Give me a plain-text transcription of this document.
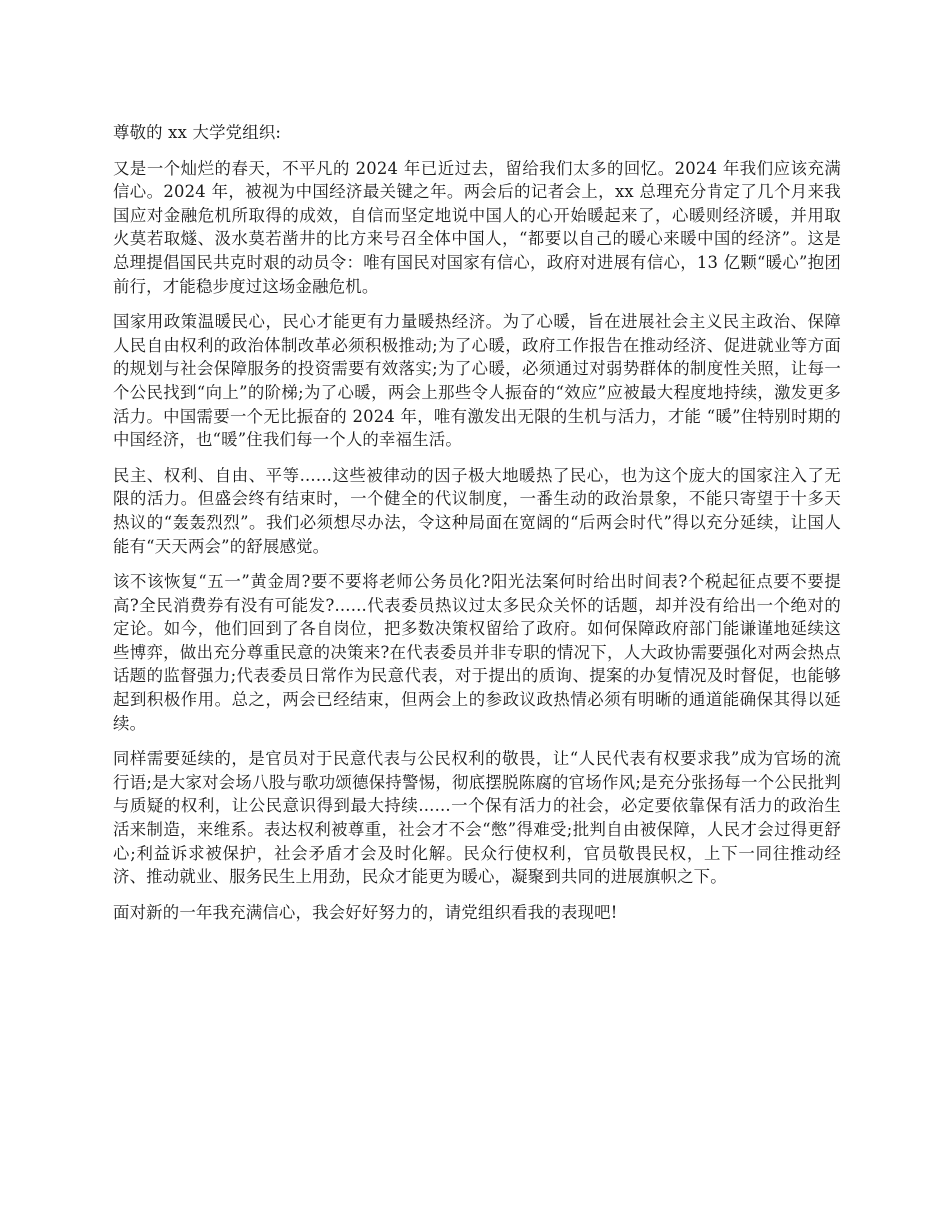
尊敬的 xx 大学党组织:

又是一个灿烂的春天，不平凡的 2024 年已近过去，留给我们太多的回忆。2024 年我们应该充满信心。2024 年，被视为中国经济最关键之年。两会后的记者会上，xx 总理充分肯定了几个月来我国应对金融危机所取得的成效，自信而坚定地说中国人的心开始暖起来了，心暖则经济暖，并用取火莫若取燧、汲水莫若凿井的比方来号召全体中国人，“都要以自己的暖心来暖中国的经济”。这是总理提倡国民共克时艰的动员令：唯有国民对国家有信心，政府对进展有信心，13 亿颗“暖心”抱团前行，才能稳步度过这场金融危机。

国家用政策温暖民心，民心才能更有力量暖热经济。为了心暖，旨在进展社会主义民主政治、保障人民自由权利的政治体制改革必须积极推动;为了心暖，政府工作报告在推动经济、促进就业等方面的规划与社会保障服务的投资需要有效落实;为了心暖，必须通过对弱势群体的制度性关照，让每一个公民找到“向上”的阶梯;为了心暖，两会上那些令人振奋的“效应”应被最大程度地持续，激发更多活力。中国需要一个无比振奋的 2024 年，唯有激发出无限的生机与活力，才能 “暖”住特别时期的中国经济，也“暖”住我们每一个人的幸福生活。

民主、权利、自由、平等......这些被律动的因子极大地暖热了民心，也为这个庞大的国家注入了无限的活力。但盛会终有结束时，一个健全的代议制度，一番生动的政治景象，不能只寄望于十多天热议的“轰轰烈烈”。我们必须想尽办法，令这种局面在宽阔的“后两会时代”得以充分延续，让国人能有“天天两会”的舒展感觉。

该不该恢复“五一”黄金周?要不要将老师公务员化?阳光法案何时给出时间表?个税起征点要不要提高?全民消费券有没有可能发?......代表委员热议过太多民众关怀的话题，却并没有给出一个绝对的定论。如今，他们回到了各自岗位，把多数决策权留给了政府。如何保障政府部门能谦谨地延续这些博弈，做出充分尊重民意的决策来?在代表委员并非专职的情况下，人大政协需要强化对两会热点话题的监督强力;代表委员日常作为民意代表，对于提出的质询、提案的办复情况及时督促，也能够起到积极作用。总之，两会已经结束，但两会上的参政议政热情必须有明晰的通道能确保其得以延续。

同样需要延续的，是官员对于民意代表与公民权利的敬畏，让“人民代表有权要求我”成为官场的流行语;是大家对会场八股与歌功颂德保持警惕，彻底摆脱陈腐的官场作风;是充分张扬每一个公民批判与质疑的权利，让公民意识得到最大持续......一个保有活力的社会，必定要依靠保有活力的政治生活来制造，来维系。表达权利被尊重，社会才不会“憋”得难受;批判自由被保障，人民才会过得更舒心;利益诉求被保护，社会矛盾才会及时化解。民众行使权利，官员敬畏民权，上下一同往推动经济、推动就业、服务民生上用劲，民众才能更为暖心，凝聚到共同的进展旗帜之下。

面对新的一年我充满信心，我会好好努力的，请党组织看我的表现吧!
